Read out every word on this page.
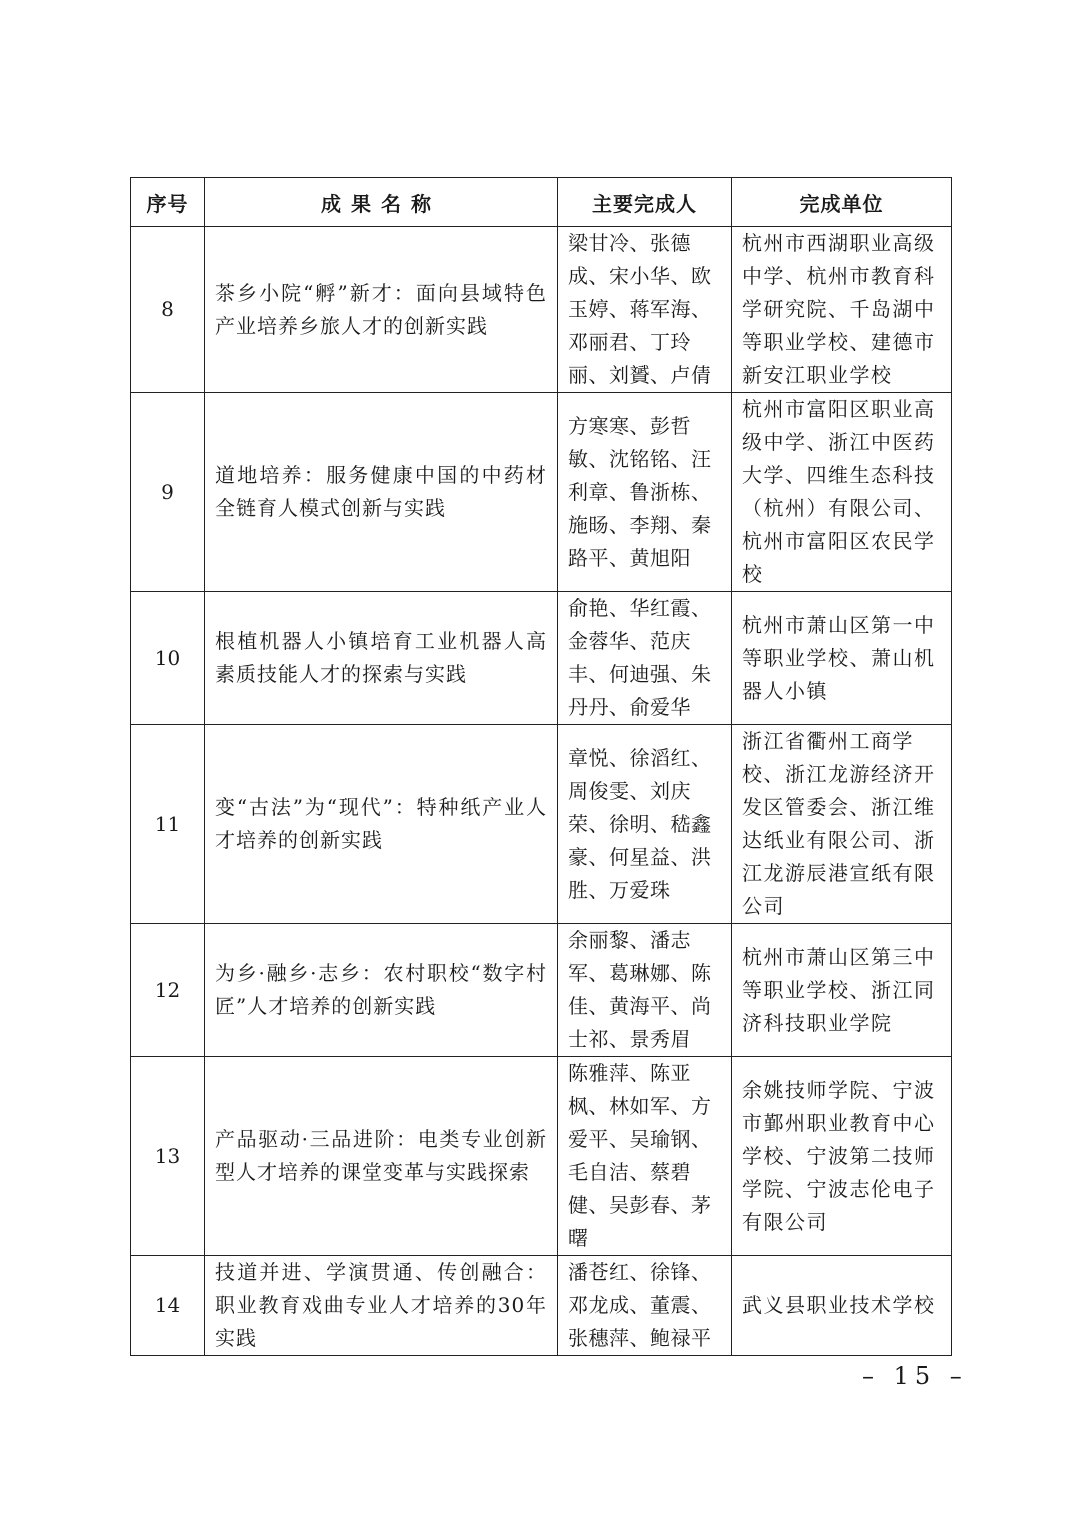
序号	成果名称	主要完成人	完成单位
8	茶乡小院“孵”新才：面向县域特色产业培养乡旅人才的创新实践	梁甘冷、张德成、宋小华、欧玉婷、蒋军海、邓丽君、丁玲丽、刘贇、卢倩	杭州市西湖职业高级中学、杭州市教育科学研究院、千岛湖中等职业学校、建德市新安江职业学校
9	道地培养：服务健康中国的中药材全链育人模式创新与实践	方寒寒、彭哲敏、沈铭铭、汪利章、鲁浙栋、施旸、李翔、秦路平、黄旭阳	杭州市富阳区职业高级中学、浙江中医药大学、四维生态科技（杭州）有限公司、杭州市富阳区农民学校
10	根植机器人小镇培育工业机器人高素质技能人才的探索与实践	俞艳、华红霞、金蓉华、范庆丰、何迪强、朱丹丹、俞爱华	杭州市萧山区第一中等职业学校、萧山机器人小镇
11	变“古法”为“现代”：特种纸产业人才培养的创新实践	章悦、徐滔红、周俊雯、刘庆荣、徐明、嵇鑫豪、何星益、洪胜、万爱珠	浙江省衢州工商学校、浙江龙游经济开发区管委会、浙江维达纸业有限公司、浙江龙游辰港宣纸有限公司
12	为乡·融乡·志乡：农村职校“数字村匠”人才培养的创新实践	余丽黎、潘志军、葛琳娜、陈佳、黄海平、尚士祁、景秀眉	杭州市萧山区第三中等职业学校、浙江同济科技职业学院
13	产品驱动·三品进阶：电类专业创新型人才培养的课堂变革与实践探索	陈雅萍、陈亚枫、林如军、方爱平、吴瑜钢、毛自洁、蔡碧健、吴彭春、茅曙	余姚技师学院、宁波市鄞州职业教育中心学校、宁波第二技师学院、宁波志伦电子有限公司
14	技道并进、学演贯通、传创融合：职业教育戏曲专业人才培养的30年实践	潘苍红、徐锋、邓龙成、董震、张穗萍、鲍禄平	武义县职业技术学校
– 15 –
